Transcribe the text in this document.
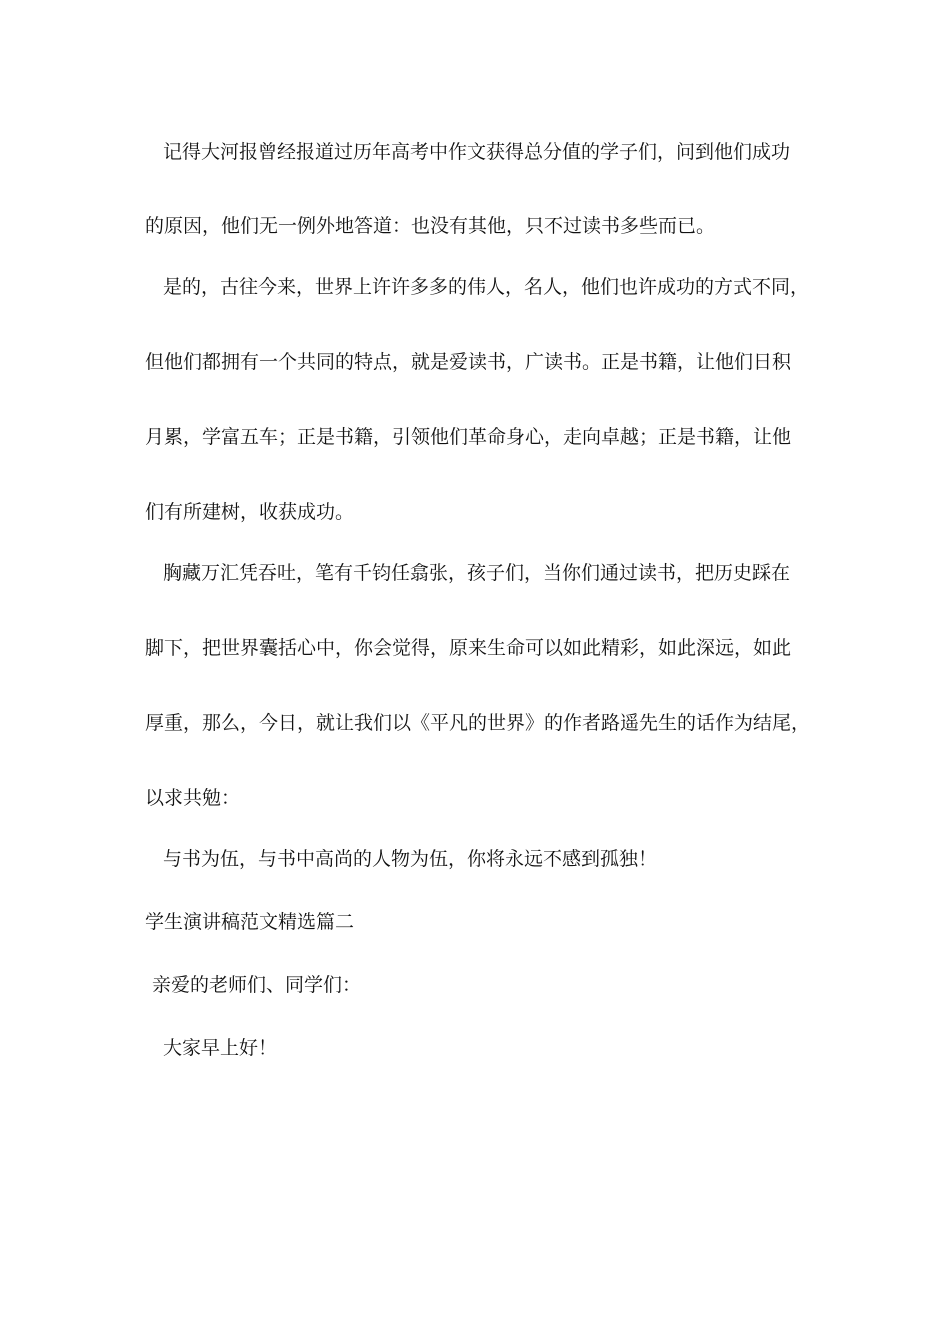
记得大河报曾经报道过历年高考中作文获得总分值的学子们，问到他们成功
的原因，他们无一例外地答道：也没有其他，只不过读书多些而已。
是的，古往今来，世界上许许多多的伟人，名人，他们也许成功的方式不同，
但他们都拥有一个共同的特点，就是爱读书，广读书。正是书籍，让他们日积
月累，学富五车；正是书籍，引领他们革命身心，走向卓越；正是书籍，让他
们有所建树，收获成功。
胸藏万汇凭吞吐，笔有千钧任翕张，孩子们，当你们通过读书，把历史踩在
脚下，把世界囊括心中，你会觉得，原来生命可以如此精彩，如此深远，如此
厚重，那么，今日，就让我们以《平凡的世界》的作者路遥先生的话作为结尾，
以求共勉：
与书为伍，与书中高尚的人物为伍，你将永远不感到孤独！
学生演讲稿范文精选篇二
亲爱的老师们、同学们：
大家早上好！
